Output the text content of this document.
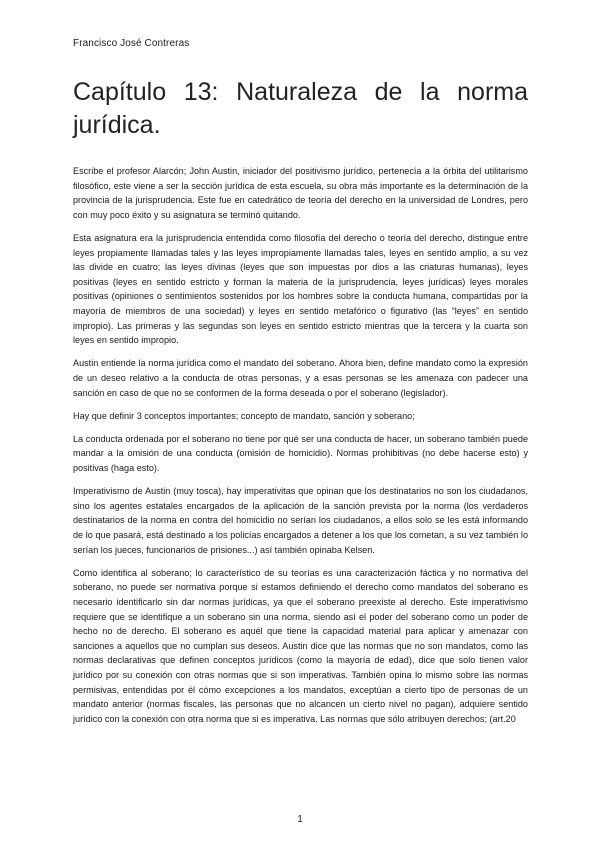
Francisco José Contreras
Capítulo 13: Naturaleza de la norma jurídica.

Escribe el profesor Alarcón; John Austin, iniciador del positivismo jurídico, pertenecía a la órbita del utilitarismo filosófico, este viene a ser la sección jurídica de esta escuela, su obra más importante es la determinación de la provincia de la jurisprudencia. Este fue en catedrático de teoría del derecho en la universidad de Londres, pero con muy poco éxito y su asignatura se terminó quitando.

Esta asignatura era la jurisprudencia entendida como filosofía del derecho o teoría del derecho, distingue entre leyes propiamente llamadas tales y las leyes impropiamente llamadas tales, leyes en sentido amplio, a su vez las divide en cuatro; las leyes divinas (leyes que son impuestas por dios a las criaturas humanas), leyes positivas (leyes en sentido estricto y forman la materia de la jurisprudencia, leyes jurídicas) leyes morales positivas (opiniones o sentimientos sostenidos por los hombres sobre la conducta humana, compartidas por la mayoría de miembros de una sociedad) y leyes en sentido metafórico o figurativo (las “leyes” en sentido impropio). Las primeras y las segundas son leyes en sentido estricto mientras que la tercera y la cuarta son leyes en sentido impropio.

Austin entiende la norma jurídica como el mandato del soberano. Ahora bien, define mandato como la expresión de un deseo relativo a la conducta de otras personas, y a esas personas se les amenaza con padecer una sanción en caso de que no se conformen de la forma deseada o por el soberano (legislador).

Hay que definir 3 conceptos importantes; concepto de mandato, sanción y soberano;

La conducta ordenada por el soberano no tiene por qué ser una conducta de hacer, un soberano también puede mandar a la omisión de una conducta (omisión de homicidio). Normas prohibitivas (no debe hacerse esto) y positivas (haga esto).

Imperativismo de Austin (muy tosca), hay imperativitas que opinan que los destinatarios no son los ciudadanos, sino los agentes estatales encargados de la aplicación de la sanción prevista por la norma (los verdaderos destinatarios de la norma en contra del homicidio no serían los ciudadanos, a ellos solo se les está informando de lo que pasará, está destinado a los policías encargados a detener a los que los cometan, a su vez también lo serían los jueces, funcionarios de prisiones...) así también opinaba Kelsen.

Como identifica al soberano; lo característico de su teorías es una caracterización fáctica y no normativa del soberano, no puede ser normativa porque si estamos definiendo el derecho como mandatos del soberano es necesario identificarlo sin dar normas jurídicas, ya que el soberano preexiste al derecho. Este imperativismo requiere que se identifique a un soberano sin una norma, siendo así el poder del soberano como un poder de hecho no de derecho. El soberano es aquél que tiene la capacidad material para aplicar y amenazar con sanciones a aquellos que no cumplan sus deseos. Austin dice que las normas que no son mandatos, como las normas declarativas que definen conceptos jurídicos (como la mayoría de edad), dice que solo tienen valor jurídico por su conexión con otras normas que si son imperativas. También opina lo mismo sobre las normas permisivas, entendidas por él cómo excepciones a los mandatos, exceptúan a cierto tipo de personas de un mandato anterior (normas fiscales, las personas que no alcancen un cierto nivel no pagan), adquiere sentido jurídico con la conexión con otra norma que si es imperativa. Las normas que sólo atribuyen derechos; (art.20

1
